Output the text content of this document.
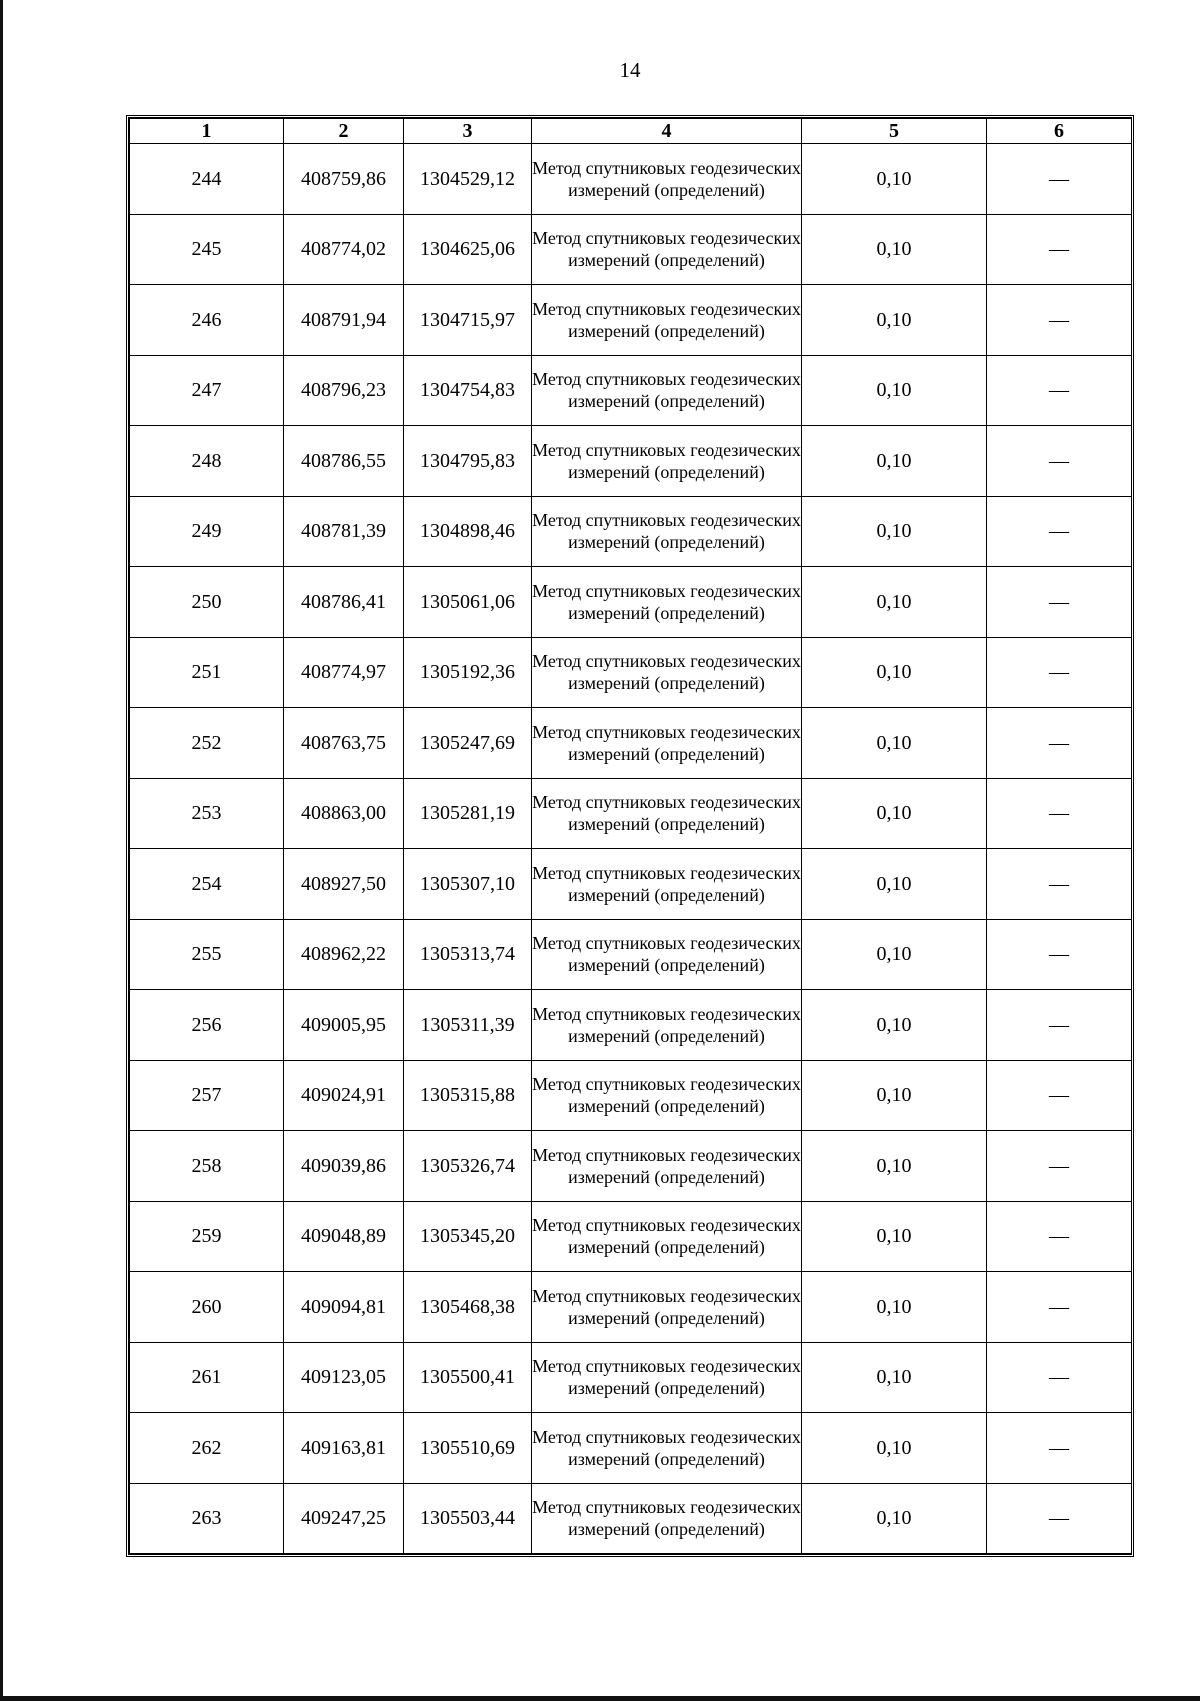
14
1	2	3	4	5	6
244	408759,86	1304529,12	Метод спутниковых геодезических измерений (определений)	0,10	—
245	408774,02	1304625,06	Метод спутниковых геодезических измерений (определений)	0,10	—
246	408791,94	1304715,97	Метод спутниковых геодезических измерений (определений)	0,10	—
247	408796,23	1304754,83	Метод спутниковых геодезических измерений (определений)	0,10	—
248	408786,55	1304795,83	Метод спутниковых геодезических измерений (определений)	0,10	—
249	408781,39	1304898,46	Метод спутниковых геодезических измерений (определений)	0,10	—
250	408786,41	1305061,06	Метод спутниковых геодезических измерений (определений)	0,10	—
251	408774,97	1305192,36	Метод спутниковых геодезических измерений (определений)	0,10	—
252	408763,75	1305247,69	Метод спутниковых геодезических измерений (определений)	0,10	—
253	408863,00	1305281,19	Метод спутниковых геодезических измерений (определений)	0,10	—
254	408927,50	1305307,10	Метод спутниковых геодезических измерений (определений)	0,10	—
255	408962,22	1305313,74	Метод спутниковых геодезических измерений (определений)	0,10	—
256	409005,95	1305311,39	Метод спутниковых геодезических измерений (определений)	0,10	—
257	409024,91	1305315,88	Метод спутниковых геодезических измерений (определений)	0,10	—
258	409039,86	1305326,74	Метод спутниковых геодезических измерений (определений)	0,10	—
259	409048,89	1305345,20	Метод спутниковых геодезических измерений (определений)	0,10	—
260	409094,81	1305468,38	Метод спутниковых геодезических измерений (определений)	0,10	—
261	409123,05	1305500,41	Метод спутниковых геодезических измерений (определений)	0,10	—
262	409163,81	1305510,69	Метод спутниковых геодезических измерений (определений)	0,10	—
263	409247,25	1305503,44	Метод спутниковых геодезических измерений (определений)	0,10	—
